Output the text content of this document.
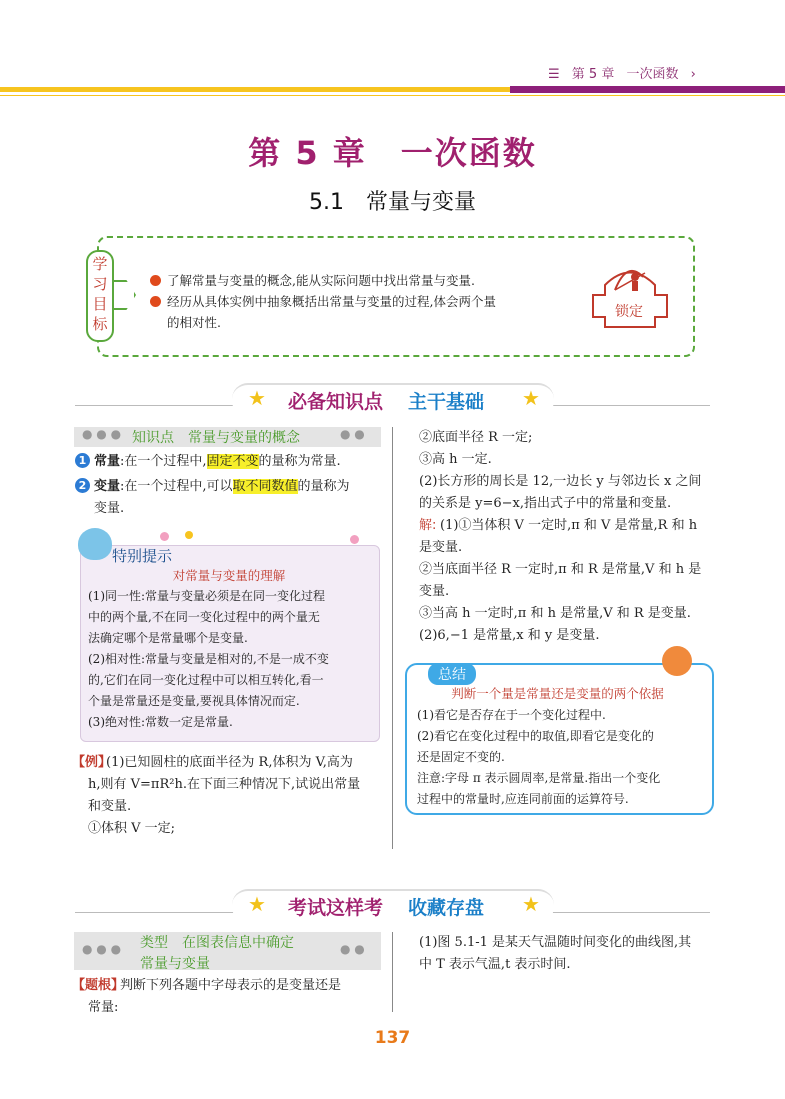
☰ 第 5 章 一次函数 ›
第 5 章　一次函数
5.1　常量与变量
学习目标
了解常量与变量的概念,能从实际问题中找出常量与变量.
经历从具体实例中抽象概括出常量与变量的过程,体会两个量
的相对性.
锁定
★	★
必备知识点 主干基础
● ● ●	● ●
知识点　常量与变量的概念
1 常量:在一个过程中,固定不变的量称为常量.
2 变量:在一个过程中,可以取不同数值的量称为
变量.
特别提示
对常量与变量的理解
(1)同一性:常量与变量必须是在同一变化过程
中的两个量,不在同一变化过程中的两个量无
法确定哪个是常量哪个是变量.
(2)相对性:常量与变量是相对的,不是一成不变
的,它们在同一变化过程中可以相互转化,看一
个量是常量还是变量,要视具体情况而定.
(3)绝对性:常数一定是常量.
【例】
(1)已知圆柱的底面半径为 R,体积为 V,高为
h,则有 V=πR²h.在下面三种情况下,试说出常量
和变量.
①体积 V 一定;
②底面半径 R 一定;
③高 h 一定.
(2)长方形的周长是 12,一边长 y 与邻边长 x 之间
的关系是 y=6−x,指出式子中的常量和变量.
解: (1)①当体积 V 一定时,π 和 V 是常量,R 和 h
是变量.
②当底面半径 R 一定时,π 和 R 是常量,V 和 h 是
变量.
③当高 h 一定时,π 和 h 是常量,V 和 R 是变量.
(2)6,−1 是常量,x 和 y 是变量.
总结
判断一个量是常量还是变量的两个依据
(1)看它是否存在于一个变化过程中.
(2)看它在变化过程中的取值,即看它是变化的
还是固定不变的.
注意:字母 π 表示圆周率,是常量.指出一个变化
过程中的常量时,应连同前面的运算符号.
★	★
考试这样考 收藏存盘
● ● ●	● ●
类型　在图表信息中确定
常量与变量
【题根】
判断下列各题中字母表示的是变量还是
常量:
(1)图 5.1-1 是某天气温随时间变化的曲线图,其
中 T 表示气温,t 表示时间.
137
